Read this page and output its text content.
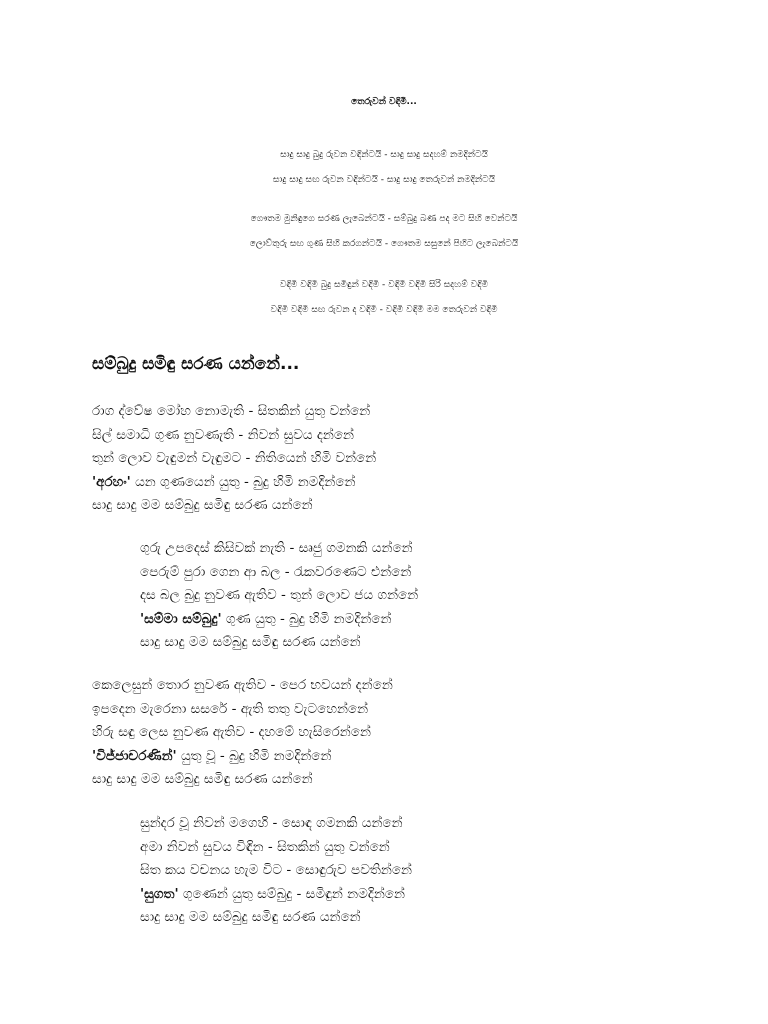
තෙරුවන් වඳිමි...
සාදු සාදු බුදු රුවන වඳින්ටයි - සාදු සාදු සදහම් නමදින්ටයි
සාදු සාදු සඟ රුවන වඳින්ටයි - සාදු සාදු තෙරුවන් නමදින්ටයි
ගෞතම මුනිඳුගෙ සරණ ලැබෙන්ටයි - සම්බුදු බණ පද මට සිහි වෙන්ටයි
ලොව්තුරු සඟ ගුණ සිහි කරගන්ටයි - ගෞතම සසුනේ පිහිට ලැබෙන්ටයි
වඳිමි වඳිමි බුදු සමිඳුන් වඳිමි - වඳිමි වඳිමි සිරි සදහම් වඳිමි
වඳිමි වඳිමි සඟ රුවන ද වඳිමි - වඳිමි වඳිමි මම තෙරුවන් වඳිමි
සම්බුදු සමිඳු සරණ යන්නේ...
රාග ද්වේෂ මෝහ නොමැති - සිතකින් යුතු වන්නේ
සිල් සමාධි ගුණ නුවණැති - නිවන් සුවය දන්නේ
තුන් ලොව වැඳුමන් වැඳුමට - නිතියෙන් හිමි වන්නේ
'අරහං' යන ගුණයෙන් යුතු - බුදු හිමි නමදින්නේ
සාදු සාදු මම සම්බුදු සමිඳු සරණ යන්නේ
ගුරු උපදෙස් කිසිවක් නැති - සෘජු ගමනකි යන්නේ
පෙරුම් පුරා ගෙන ආ බල - රැකවරණෙට එන්නේ
දස බල බුදු නුවණ ඇතිව - තුන් ලොව ජය ගන්නේ
'සම්මා සම්බුදු' ගුණ යුතු - බුදු හිමි නමදින්නේ
සාදු සාදු මම සම්බුදු සමිඳු සරණ යන්නේ
කෙලෙසුන් තොර නුවණ ඇතිව - පෙර භවයන් දන්නේ
ඉපදෙන මැරෙනා සසරේ - ඇති තතු වැටහෙන්නේ
හිරු සඳු ලෙස නුවණ ඇතිව - දහමේ හැසිරෙන්නේ
'විජ්ජාචරණින්' යුතු වූ - බුදු හිමි නමදින්නේ
සාදු සාදු මම සම්බුදු සමිඳු සරණ යන්නේ
සුන්දර වූ නිවන් මගෙහි - සොඳ ගමනකි යන්නේ
අමා නිවන් සුවය විඳින - සිතකින් යුතු වන්නේ
සිත කය වචනය හැම විට - සොඳුරුව පවතින්නේ
'සුගත' ගුණෙන් යුතු සම්බුදු - සමිඳුන් නමදින්නේ
සාදු සාදු මම සම්බුදු සමිඳු සරණ යන්නේ
